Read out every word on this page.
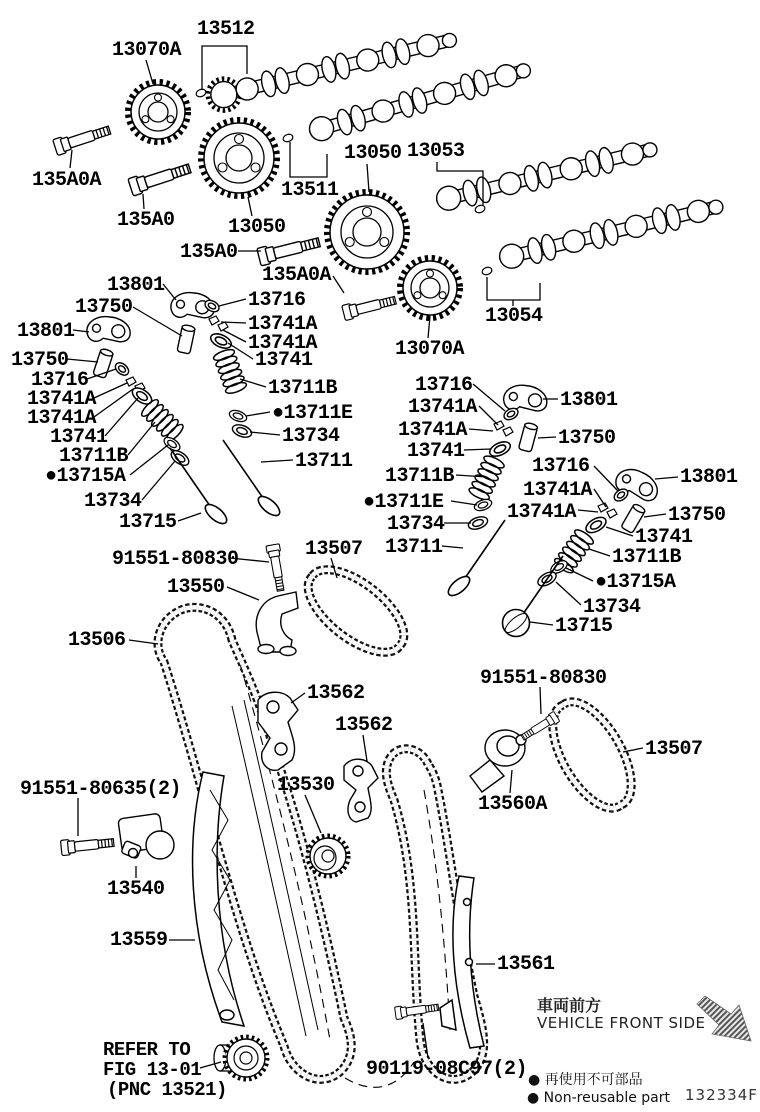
13512
13070A
135A0A
135A0	13050
13511
13050 13053
135A0
135A0A
13054
13070A
13801
13750
13801
13750
13716
13741A
13741A
13741
13711B
●13715A
13734
13715
13716
13741A
13741A
13741
13711B
●13711E
13734
13711
13716
13741A
13741A
13741
13801
13750
13711B
●13711E
13734
13711
13716
13741A
13741A
13801
13750
13741
13711B
●13715A
13734
13715
91551-80830
13550
13507
13506
13562
13562
13530
91551-80635(2)
13540
13559
91551-80830
13560A
13507
13561
90119-08C97(2)
REFER TO
FIG 13-01
(PNC 13521)
車両前方
VEHICLE FRONT SIDE
● 再使用不可部品
● Non-reusable part 132334F
